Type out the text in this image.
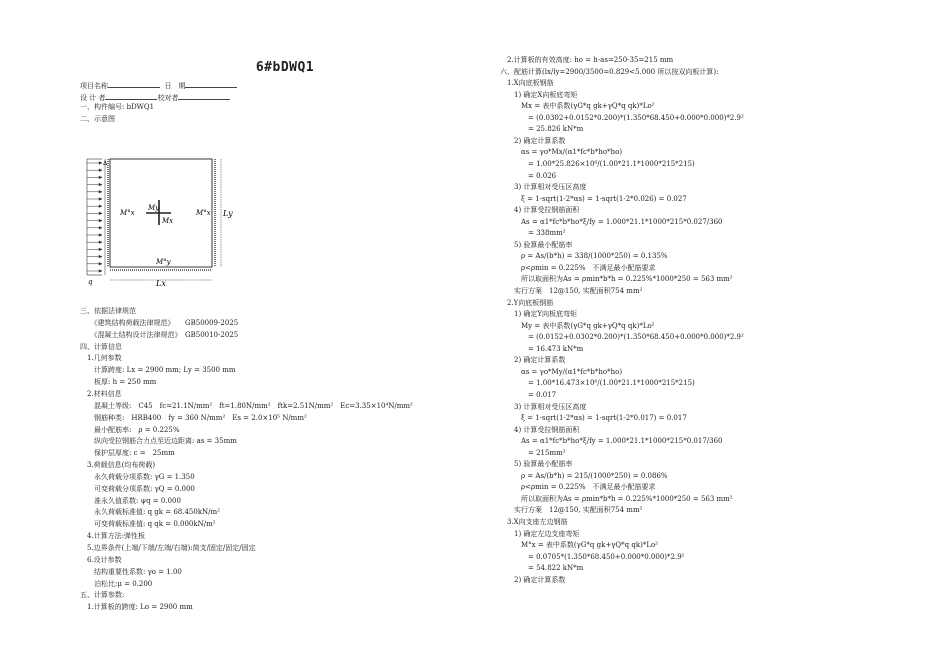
6#bDWQ1

项目名称	日　期

设 计 者	校对者

一、构件编号: bDWQ1

二、示意图

三、依据法律规范
　　《建筑结构荷载法律规范》　　GB50009-2025
　　《混凝土结构设计法律规范》　GB50010-2025
四、计算信息
　1.几何参数
　　计算跨度: Lx = 2900 mm; Ly = 3500 mm
　　板厚: h = 250 mm
　2.材料信息
　　混凝土等级:　C45　fc=21.1N/mm²　ft=1.80N/mm²　ftk=2.51N/mm²　Ec=3.35×10⁴N/mm²
　　钢筋种类:　HRB400　fy = 360 N/mm²　Es = 2.0×10⁵ N/mm²
　　最小配筋率:　ρ = 0.225%
　　纵向受拉钢筋合力点至近边距离: as = 35mm
　　保护层厚度: c =　25mm
　3.荷载信息(均布荷载)
　　永久荷载分项系数: γG = 1.350
　　可变荷载分项系数: γQ = 0.000
　　准永久值系数: ψq = 0.000
　　永久荷载标准值: q gk = 68.450kN/m²
　　可变荷载标准值: q qk = 0.000kN/m²
　4.计算方法:弹性板
　5.边界条件(上端/下端/左端/右端):简支/固定/固定/固定
　6.设计参数
　　结构重要性系数: γo = 1.00
　　泊松比:μ = 0.200
五、计算参数:
　1.计算板的跨度: Lo = 2900 mm

q
∆
My
Mx
M°x	M°x
M°y
Ly
Lx

　2.计算板的有效高度: ho = h-as=250-35=215 mm
六、配筋计算(lx/ly=2900/3500=0.829<5.000 所以按双向板计算):
　1.X向底板钢筋
　　1) 确定X向板底弯矩
　　　Mx = 表中系数(γG*q gk+γQ*q qk)*Lo²
　　　　= (0.0302+0.0152*0.200)*(1.350*68.450+0.000*0.000)*2.9²
　　　　= 25.826 kN*m
　　2) 确定计算系数
　　　αs = γo*Mx/(α1*fc*b*ho*ho)
　　　　= 1.00*25.826×10⁶/(1.00*21.1*1000*215*215)
　　　　= 0.026
　　3) 计算相对受压区高度
　　　ξ = 1-sqrt(1-2*αs) = 1-sqrt(1-2*0.026) = 0.027
　　4) 计算受拉钢筋面积
　　　As = α1*fc*b*ho*ξ/fy = 1.000*21.1*1000*215*0.027/360
　　　　= 338mm²
　　5) 验算最小配筋率
　　　ρ = As/(b*h) = 338/(1000*250) = 0.135%
　　　ρ<ρmin = 0.225%　不满足最小配筋要求
　　　所以取面积为As = ρmin*b*h = 0.225%*1000*250 = 563 mm²
　　实行方案　12@150, 实配面积754 mm²
　2.Y向底板钢筋
　　1) 确定Y向板底弯矩
　　　My = 表中系数(γG*q gk+γQ*q qk)*Lo²
　　　　= (0.0152+0.0302*0.200)*(1.350*68.450+0.000*0.000)*2.9²
　　　　= 16.473 kN*m
　　2) 确定计算系数
　　　αs = γo*My/(α1*fc*b*ho*ho)
　　　　= 1.00*16.473×10⁶/(1.00*21.1*1000*215*215)
　　　　= 0.017
　　3) 计算相对受压区高度
　　　ξ = 1-sqrt(1-2*αs) = 1-sqrt(1-2*0.017) = 0.017
　　4) 计算受拉钢筋面积
　　　As = α1*fc*b*ho*ξ/fy = 1.000*21.1*1000*215*0.017/360
　　　　= 215mm²
　　5) 验算最小配筋率
　　　ρ = As/(b*h) = 215/(1000*250) = 0.086%
　　　ρ<ρmin = 0.225%　不满足最小配筋要求
　　　所以取面积为As = ρmin*b*h = 0.225%*1000*250 = 563 mm²
　　实行方案　12@150, 实配面积754 mm²
　3.X向支座左边钢筋
　　1) 确定左边支座弯矩
　　　M°x = 表中系数(γG*q gk+γQ*q qk)*Lo²
　　　　= 0.0705*(1.350*68.450+0.000*0.000)*2.9²
　　　　= 54.822 kN*m
　　2) 确定计算系数
